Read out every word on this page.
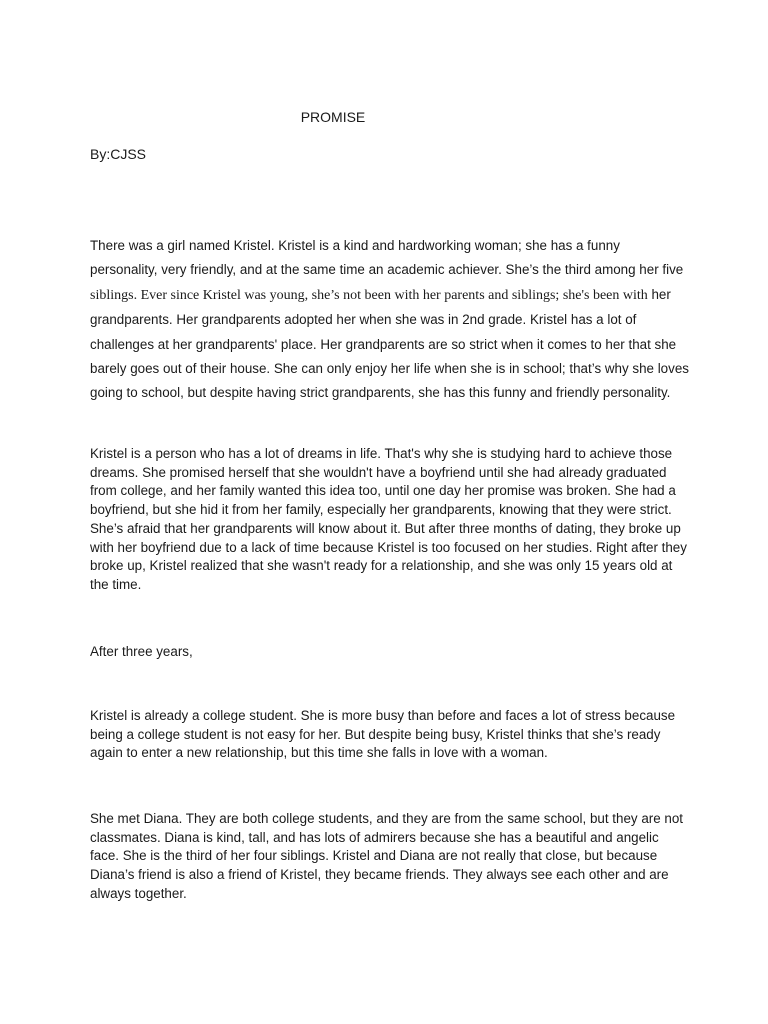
PROMISE

By:CJSS

There was a girl named Kristel. Kristel is a kind and hardworking woman; she has a funny personality, very friendly, and at the same time an academic achiever. She’s the third among her five siblings. Ever since Kristel was young, she’s not been with her parents and siblings; she's been with her grandparents. Her grandparents adopted her when she was in 2nd grade. Kristel has a lot of challenges at her grandparents' place. Her grandparents are so strict when it comes to her that she barely goes out of their house. She can only enjoy her life when she is in school; that’s why she loves going to school, but despite having strict grandparents, she has this funny and friendly personality.

Kristel is a person who has a lot of dreams in life. That's why she is studying hard to achieve those dreams. She promised herself that she wouldn't have a boyfriend until she had already graduated from college, and her family wanted this idea too, until one day her promise was broken. She had a boyfriend, but she hid it from her family, especially her grandparents, knowing that they were strict. She’s afraid that her grandparents will know about it. But after three months of dating, they broke up with her boyfriend due to a lack of time because Kristel is too focused on her studies. Right after they broke up, Kristel realized that she wasn't ready for a relationship, and she was only 15 years old at the time.

After three years,

Kristel is already a college student. She is more busy than before and faces a lot of stress because being a college student is not easy for her. But despite being busy, Kristel thinks that she’s ready again to enter a new relationship, but this time she falls in love with a woman.

She met Diana. They are both college students, and they are from the same school, but they are not classmates. Diana is kind, tall, and has lots of admirers because she has a beautiful and angelic face. She is the third of her four siblings. Kristel and Diana are not really that close, but because Diana’s friend is also a friend of Kristel, they became friends. They always see each other and are always together.
